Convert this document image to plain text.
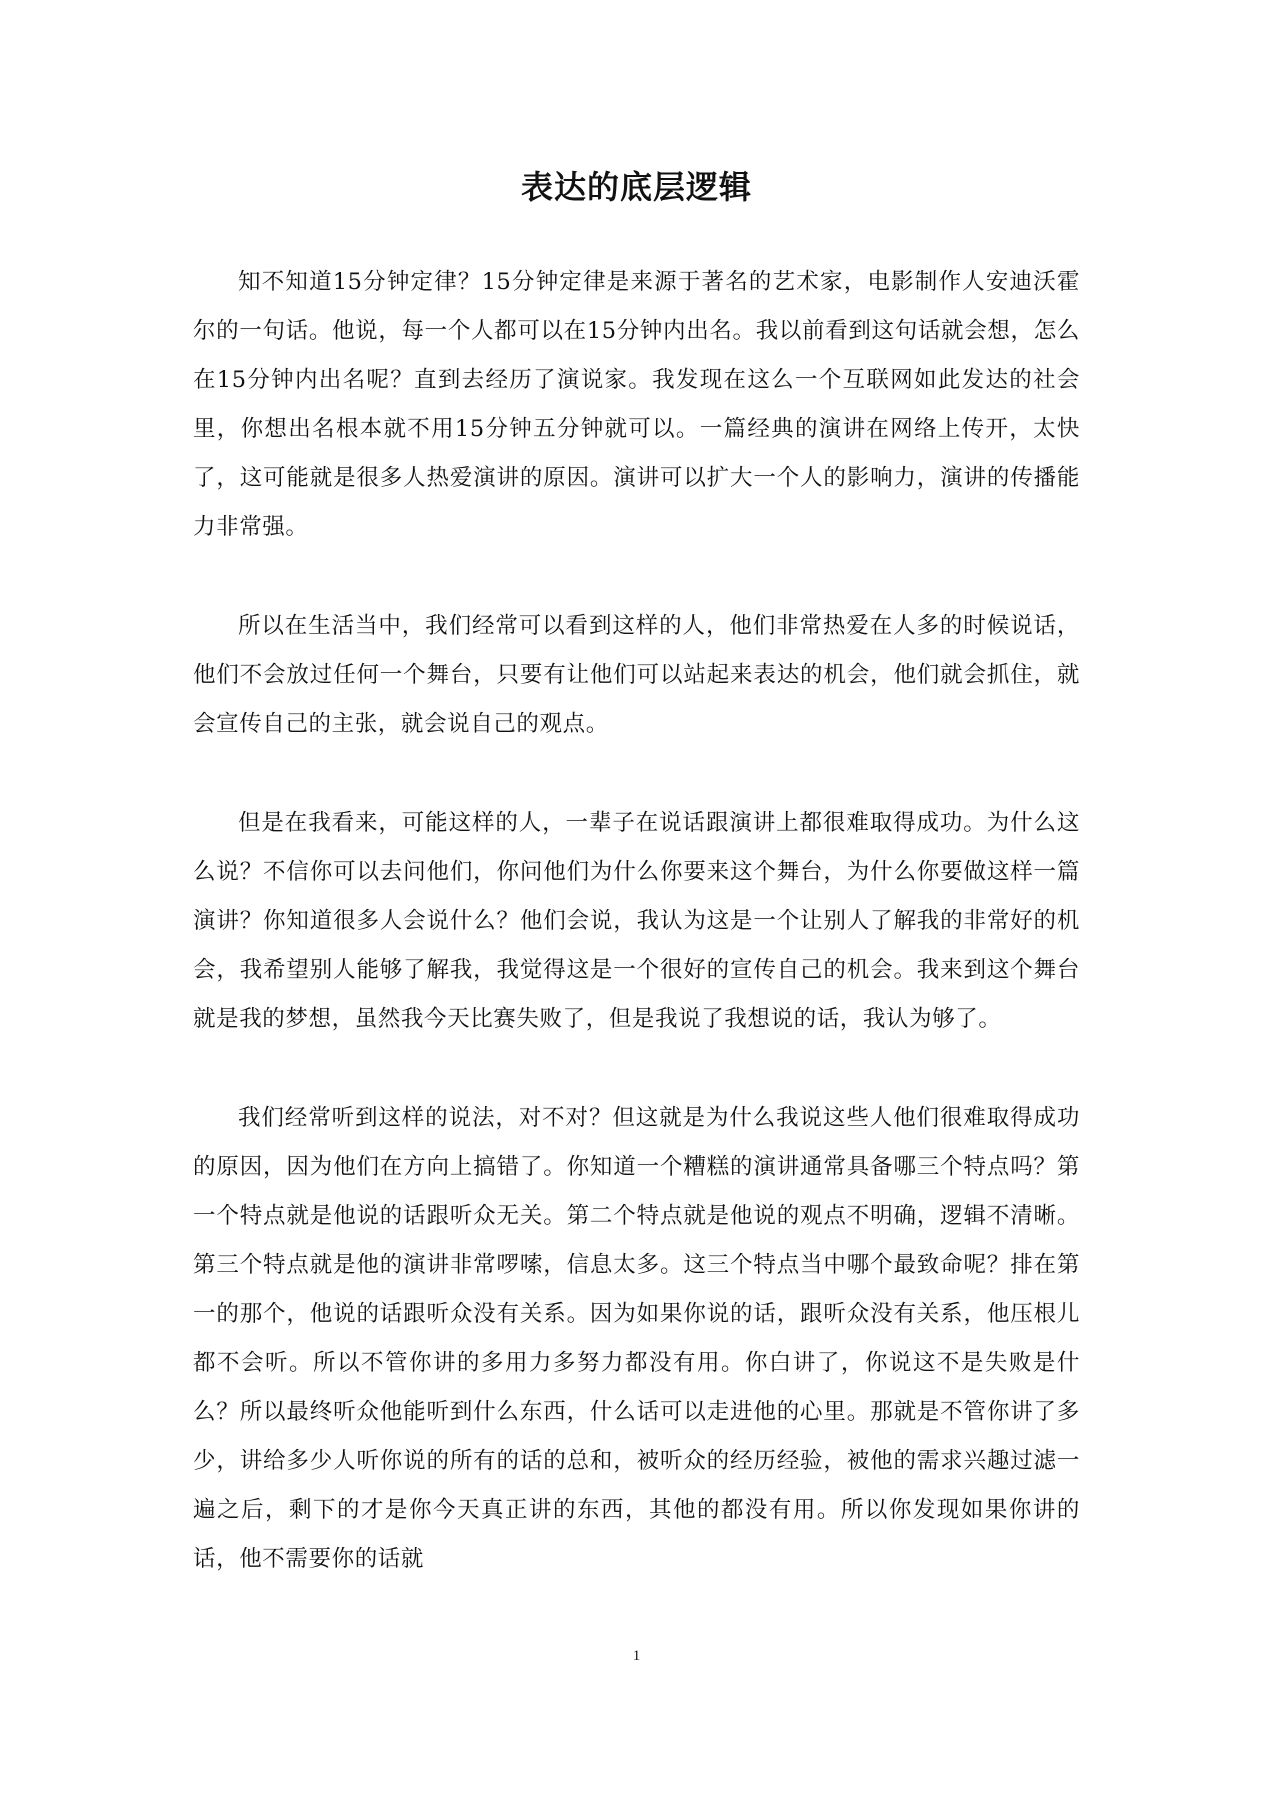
表达的底层逻辑

知不知道15分钟定律？15分钟定律是来源于著名的艺术家，电影制作人安迪沃霍尔的一句话。他说，每一个人都可以在15分钟内出名。我以前看到这句话就会想，怎么在15分钟内出名呢？直到去经历了演说家。我发现在这么一个互联网如此发达的社会里，你想出名根本就不用15分钟五分钟就可以。一篇经典的演讲在网络上传开，太快了，这可能就是很多人热爱演讲的原因。演讲可以扩大一个人的影响力，演讲的传播能力非常强。

所以在生活当中，我们经常可以看到这样的人，他们非常热爱在人多的时候说话，他们不会放过任何一个舞台，只要有让他们可以站起来表达的机会，他们就会抓住，就会宣传自己的主张，就会说自己的观点。

但是在我看来，可能这样的人，一辈子在说话跟演讲上都很难取得成功。为什么这么说？不信你可以去问他们，你问他们为什么你要来这个舞台，为什么你要做这样一篇演讲？你知道很多人会说什么？他们会说，我认为这是一个让别人了解我的非常好的机会，我希望别人能够了解我，我觉得这是一个很好的宣传自己的机会。我来到这个舞台就是我的梦想，虽然我今天比赛失败了，但是我说了我想说的话，我认为够了。

我们经常听到这样的说法，对不对？但这就是为什么我说这些人他们很难取得成功的原因，因为他们在方向上搞错了。你知道一个糟糕的演讲通常具备哪三个特点吗？第一个特点就是他说的话跟听众无关。第二个特点就是他说的观点不明确，逻辑不清晰。第三个特点就是他的演讲非常啰嗦，信息太多。这三个特点当中哪个最致命呢？排在第一的那个，他说的话跟听众没有关系。因为如果你说的话，跟听众没有关系，他压根儿都不会听。所以不管你讲的多用力多努力都没有用。你白讲了，你说这不是失败是什么？所以最终听众他能听到什么东西，什么话可以走进他的心里。那就是不管你讲了多少，讲给多少人听你说的所有的话的总和，被听众的经历经验，被他的需求兴趣过滤一遍之后，剩下的才是你今天真正讲的东西，其他的都没有用。所以你发现如果你讲的话，他不需要你的话就

1
